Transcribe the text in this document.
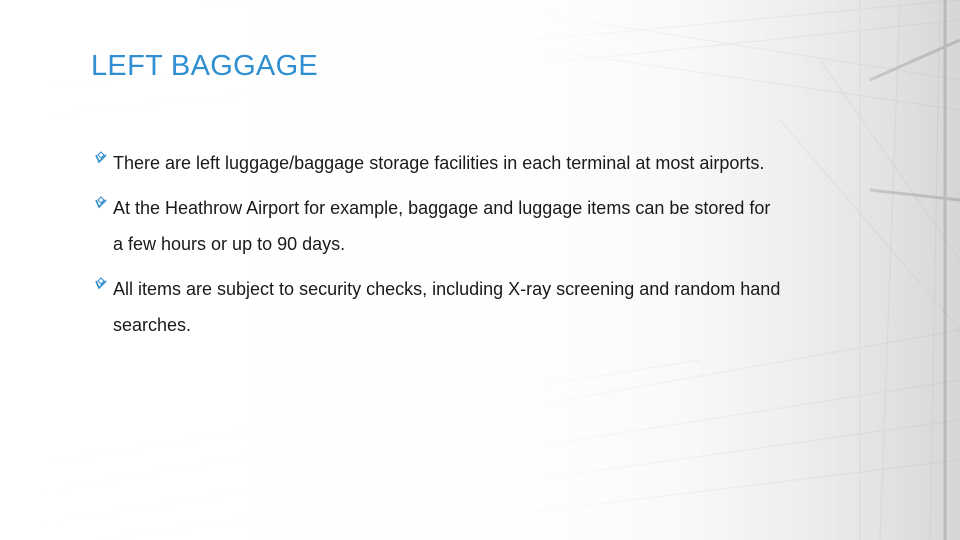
LEFT BAGGAGE
There are left luggage/baggage storage facilities in each terminal at most airports.
At the Heathrow Airport for example, baggage and luggage items can be stored for a few hours or up to 90 days.
All items are subject to security checks, including X-ray screening and random hand searches.
